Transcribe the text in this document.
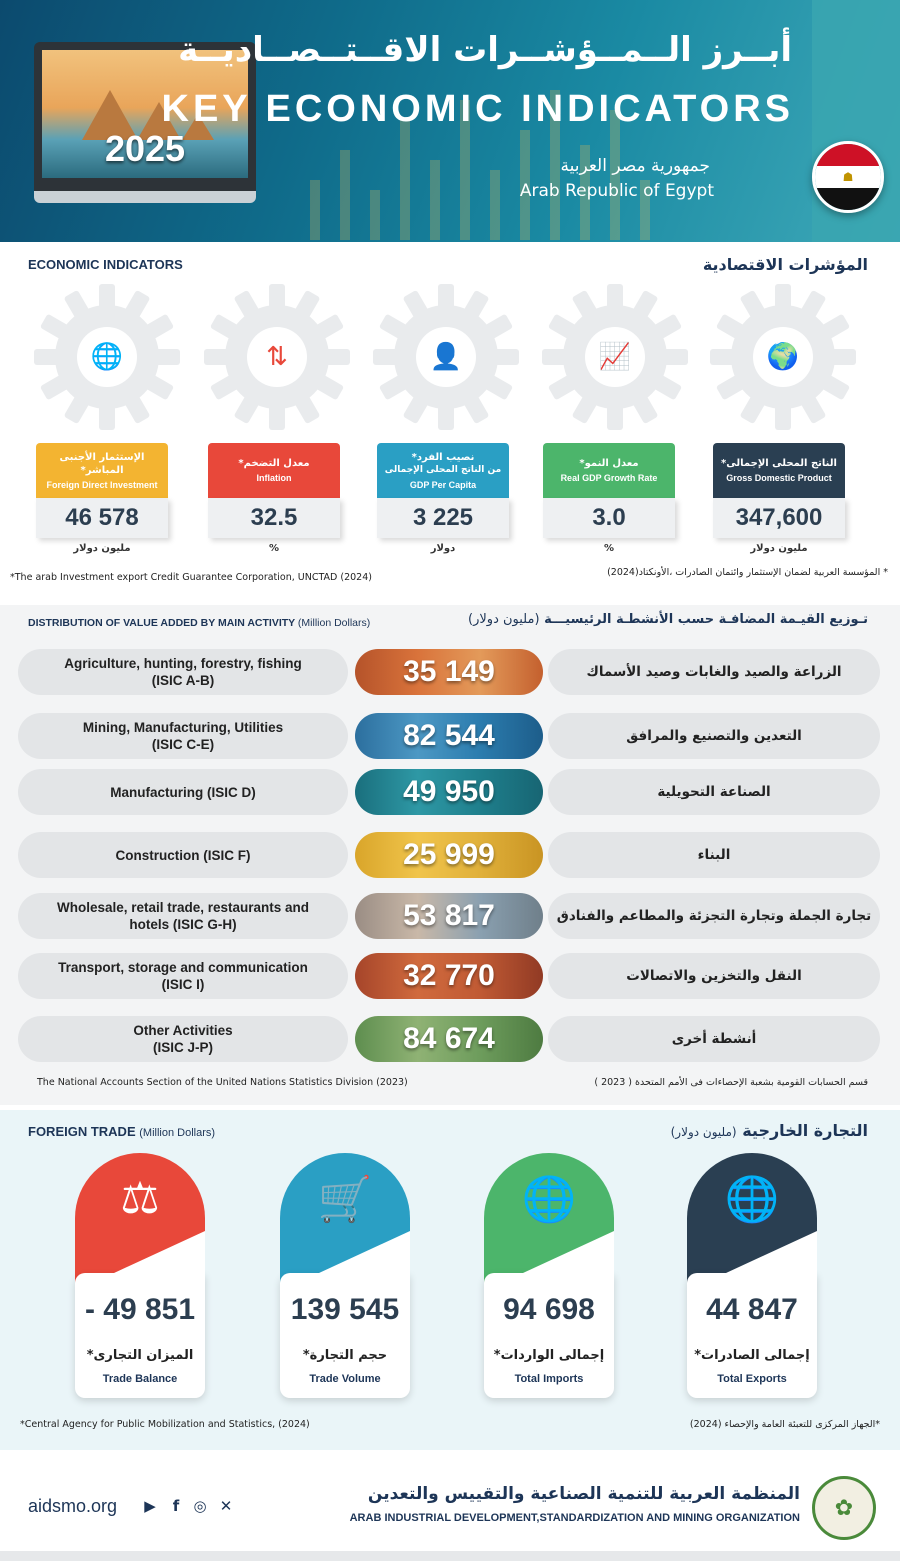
2025
أبــرز الــمــؤشــرات الاقــتــصــاديــة
KEY ECONOMIC INDICATORS
جمهورية مصر العربية
Arab Republic of Egypt
☗
ECONOMIC INDICATORS	المؤشرات الاقتصادية
🌐	⇅	👤	📈	🌍
الإستثمار الأجنبى المباشر*
Foreign Direct Investment
46 578
مليون دولار
معدل التضخم*
Inflation
32.5
%
نصيب الفرد*
من الناتج المحلى الإجمالى
GDP Per Capita
3 225
دولار
معدل النمو*
Real GDP Growth Rate
3.0
%
الناتج المحلى الإجمالى*
Gross Domestic Product
347,600
مليون دولار
*The arab Investment export Credit Guarantee Corporation, UNCTAD (2024)	* المؤسسة العربية لضمان الإستثمار وائتمان الصادرات ،الأونكتاد(2024)
DISTRIBUTION OF VALUE ADDED BY MAIN ACTIVITY (Million Dollars)	تـوزيع القيـمة المضافـة حسب الأنشطـة الرئيسيـــة (مليون دولار)
Agriculture, hunting, forestry, fishing
(ISIC A-B)	35 149	الزراعة والصيد والغابات وصيد الأسماك
Mining, Manufacturing, Utilities
(ISIC C-E)	82 544	التعدين والتصنيع والمرافق
Manufacturing (ISIC D)	49 950	الصناعة التحويلية
Construction (ISIC F)	25 999	البناء
Wholesale, retail trade, restaurants and
hotels (ISIC G-H)	53 817	تجارة الجملة وتجارة التجزئة والمطاعم والفنادق
Transport, storage and communication
(ISIC I)	32 770	النقل والتخزين والاتصالات
Other Activities
(ISIC J-P)	84 674	أنشطة أخرى
The National Accounts Section of the United Nations Statistics Division (2023)	قسم الحسابات القومية بشعبة الإحصاءات فى الأمم المتحدة ( 2023 )
FOREIGN TRADE (Million Dollars)	التجارة الخارجية (مليون دولار)
⚖
- 49 851
الميزان التجارى*
Trade Balance
🛒
139 545
حجم التجارة*
Trade Volume
🌐
94 698
إجمالى الواردات*
Total Imports
🌐
44 847
إجمالى الصادرات*
Total Exports
*Central Agency for Public Mobilization and Statistics, (2024)	*الجهاز المركزى للتعبئة العامة والإحصاء (2024)
aidsmo.org ▶	f ◎ ✕
المنظمة العربية للتنمية الصناعية والتقييس والتعدين
ARAB INDUSTRIAL DEVELOPMENT,STANDARDIZATION AND MINING ORGANIZATION	✿
